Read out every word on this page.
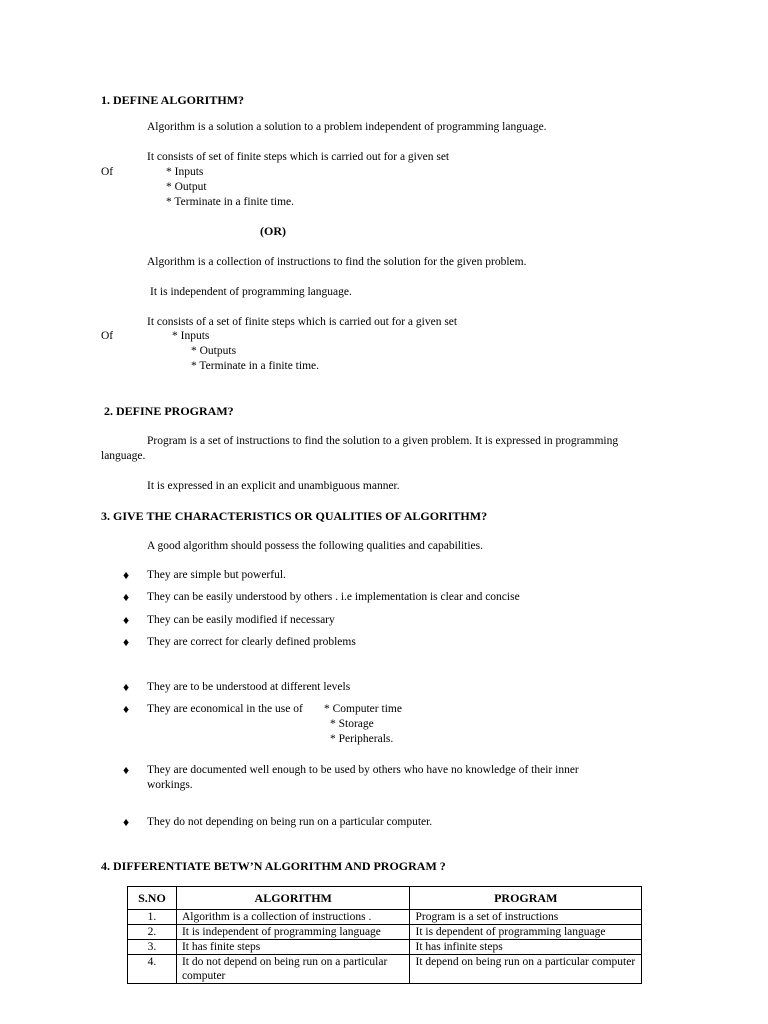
1. DEFINE ALGORITHM?
Algorithm is a solution a solution to a problem independent of programming language.
It consists of set of finite steps which is carried out for a given set
Of	* Inputs
* Output
* Terminate in a finite time.
(OR)
Algorithm is a collection of instructions to find the solution for the given problem.
It is independent of programming language.
It consists of a set of finite steps which is carried out for a given set
Of	* Inputs
* Outputs
* Terminate in a finite time.
2. DEFINE PROGRAM?
Program is a set of instructions to find the solution to a given problem. It is expressed in programming
language.
It is expressed in an explicit and unambiguous manner.
3. GIVE THE CHARACTERISTICS OR QUALITIES OF ALGORITHM?
A good algorithm should possess the following qualities and capabilities.
♦ They are simple but powerful.
♦ They can be easily understood by others . i.e implementation is clear and concise
♦ They can be easily modified if necessary
♦ They are correct for clearly defined problems
♦ They are to be understood at different levels
♦ They are economical in the use of * Computer time
* Storage
* Peripherals.
♦ They are documented well enough to be used by others who have no knowledge of their inner
workings.
♦ They do not depending on being run on a particular computer.
4. DIFFERENTIATE BETW’N ALGORITHM AND PROGRAM ?
S.NO	ALGORITHM	PROGRAM
1.	Algorithm is a collection of instructions .	Program is a set of instructions
2.	It is independent of programming language	It is dependent of programming language
3.	It has finite steps	It has infinite steps
4.	It do not depend on being run on a particular computer	It depend on being run on a particular computer
